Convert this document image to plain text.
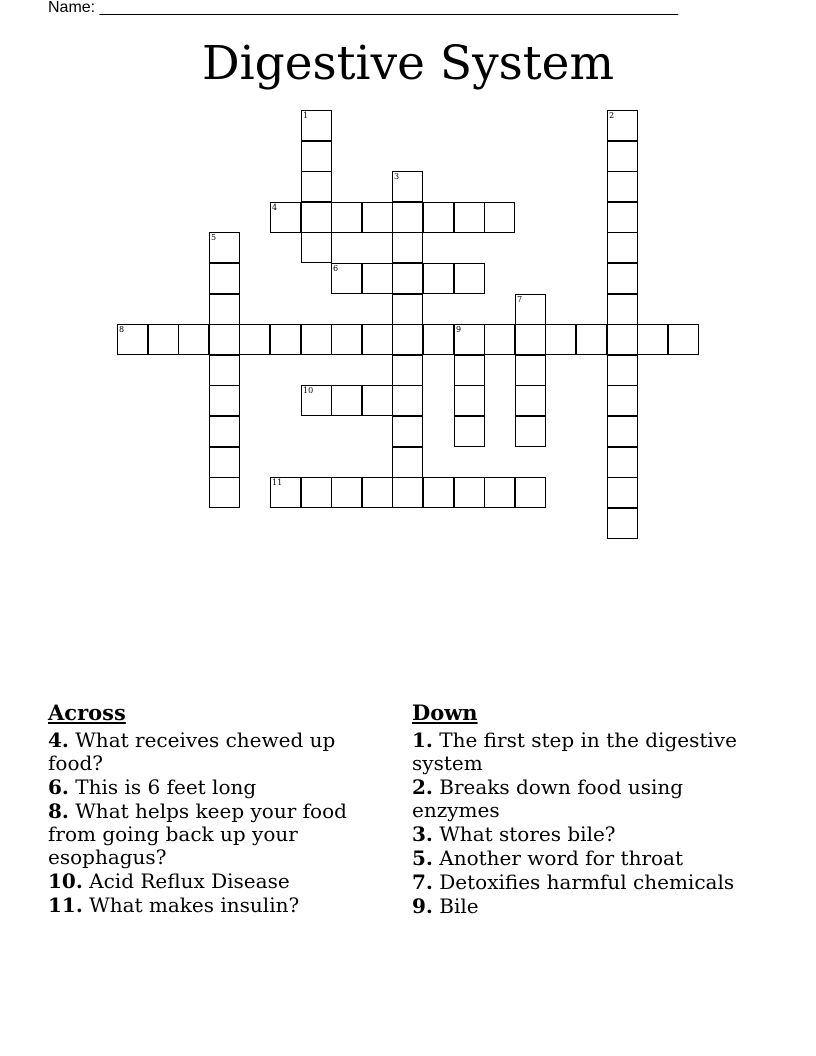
Name: _________________________________________________________________
Digestive System
1	2
3
4
5
6
7
8	9
10
11
Across
4. What receives chewed up food?
6. This is 6 feet long
8. What helps keep your food from going back up your esophagus?
10. Acid Reflux Disease
11. What makes insulin?
Down
1. The first step in the digestive system
2. Breaks down food using enzymes
3. What stores bile?
5. Another word for throat
7. Detoxifies harmful chemicals
9. Bile
